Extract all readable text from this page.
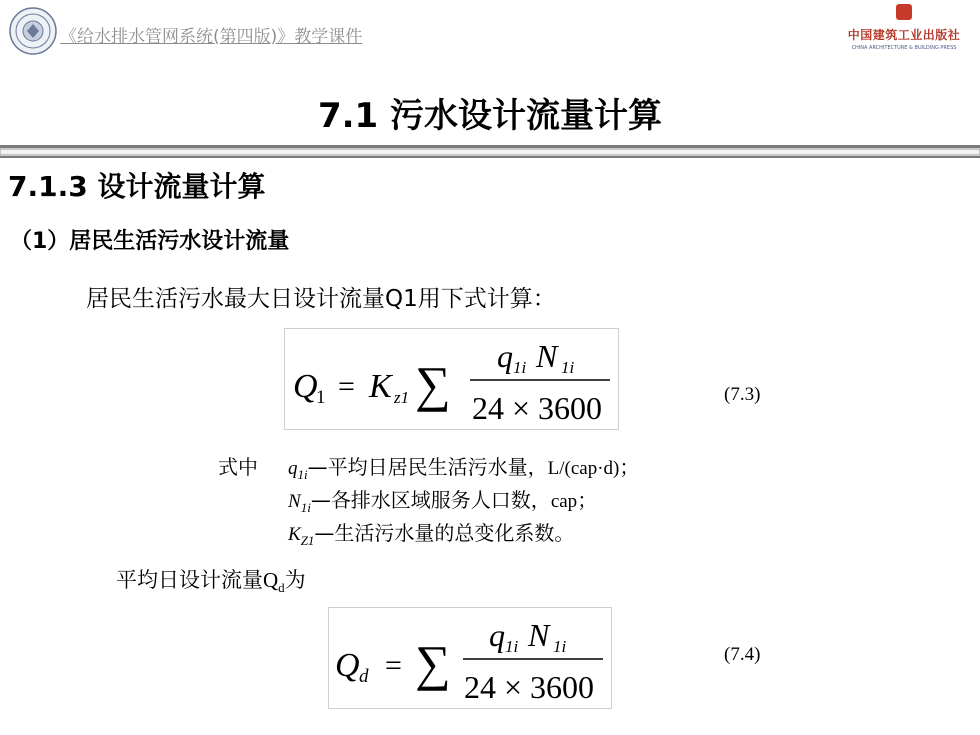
《给水排水管网系统(第四版)》教学课件	中国建筑工业出版社
CHINA ARCHITECTURE & BUILDING PRESS
7.1 污水设计流量计算
7.1.3 设计流量计算
（1）居民生活污水设计流量
居民生活污水最大日设计流量Q1用下式计算：
Q
1 = K z1 ∑ q 1i N 1i
24 × 3600	(7.3)
式中 $q_{1i}—$平均日居民生活污水量，L/(cap·d)；
$N_{1i}—$各排水区域服务人口数，cap；
$K_{Z1}—$生活污水量的总变化系数。
平均日设计流量$Q_d$为
Q d = ∑ q 1i N 1i
24 × 3600
(7.4)
